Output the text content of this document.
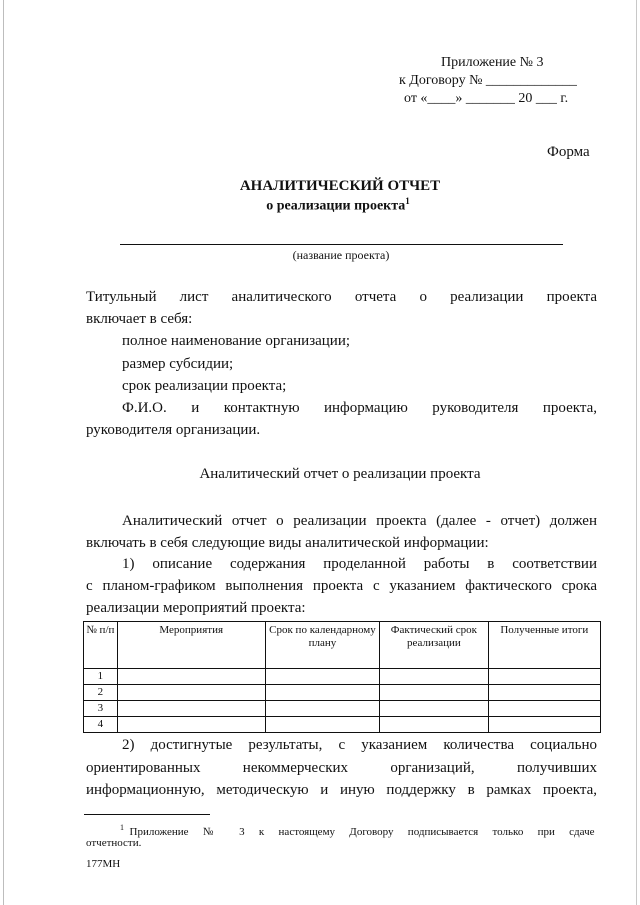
Приложение № 3
к Договору № _____________
от «____» _______ 20 ___ г.
Форма
АНАЛИТИЧЕСКИЙ ОТЧЕТ
о реализации проекта$^1$
(название проекта)
Титульный лист аналитического отчета о реализации проекта
включает в себя:
полное наименование организации;
размер субсидии;
срок реализации проекта;
Ф.И.О. и контактную информацию руководителя проекта,
руководителя организации.
Аналитический отчет о реализации проекта
Аналитический отчет о реализации проекта (далее - отчет) должен
включать в себя следующие виды аналитической информации:
1) описание содержания проделанной работы в соответствии
с планом-графиком выполнения проекта с указанием фактического срока
реализации мероприятий проекта:
№ п/п	Мероприятия	Срок по календарному плану	Фактический срок реализации	Полученные итоги
1				
2				
3				
4				
2) достигнутые результаты, с указанием количества социально
ориентированных некоммерческих организаций, получивших
информационную, методическую и иную поддержку в рамках проекта,
$^1$ Приложение № 3 к настоящему Договору подписывается только при сдаче
отчетности.
177МН
